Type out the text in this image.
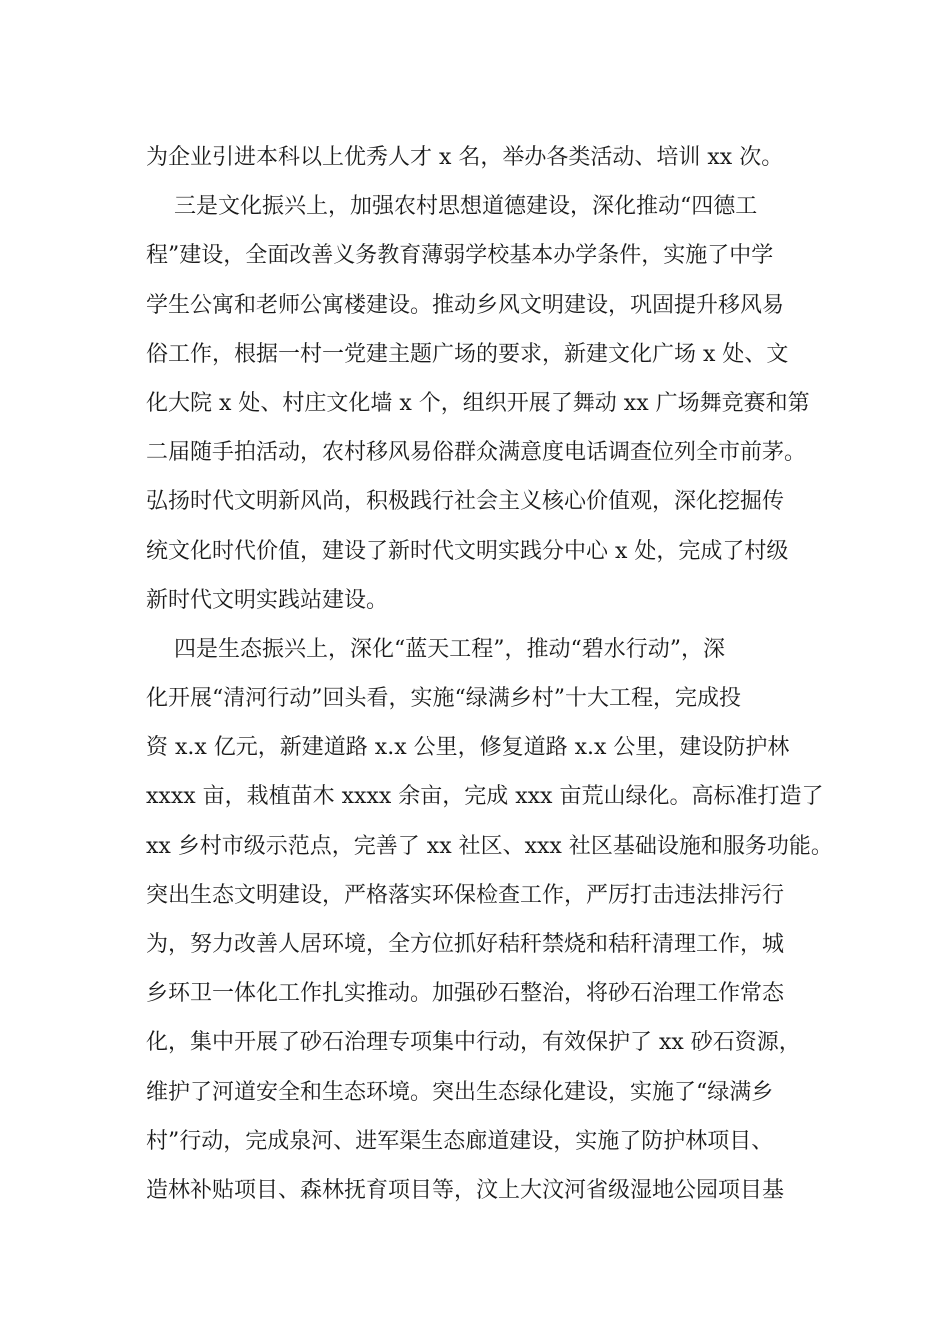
为企业引进本科以上优秀人才 x 名，举办各类活动、培训 xx 次。
三是文化振兴上，加强农村思想道德建设，深化推动“四德工
程”建设，全面改善义务教育薄弱学校基本办学条件，实施了中学
学生公寓和老师公寓楼建设。推动乡风文明建设，巩固提升移风易
俗工作，根据一村一党建主题广场的要求，新建文化广场 x 处、文
化大院 x 处、村庄文化墙 x 个，组织开展了舞动 xx 广场舞竞赛和第
二届随手拍活动，农村移风易俗群众满意度电话调查位列全市前茅。
弘扬时代文明新风尚，积极践行社会主义核心价值观，深化挖掘传
统文化时代价值，建设了新时代文明实践分中心 x 处，完成了村级
新时代文明实践站建设。
四是生态振兴上，深化“蓝天工程”，推动“碧水行动”，深
化开展“清河行动”回头看，实施“绿满乡村”十大工程，完成投
资 x.x 亿元，新建道路 x.x 公里，修复道路 x.x 公里，建设防护林
xxxx 亩，栽植苗木 xxxx 余亩，完成 xxx 亩荒山绿化。高标准打造了
xx 乡村市级示范点，完善了 xx 社区、xxx 社区基础设施和服务功能。
突出生态文明建设，严格落实环保检查工作，严厉打击违法排污行
为，努力改善人居环境，全方位抓好秸秆禁烧和秸秆清理工作，城
乡环卫一体化工作扎实推动。加强砂石整治，将砂石治理工作常态
化，集中开展了砂石治理专项集中行动，有效保护了 xx 砂石资源，
维护了河道安全和生态环境。突出生态绿化建设，实施了“绿满乡
村”行动，完成泉河、进军渠生态廊道建设，实施了防护林项目、
造林补贴项目、森林抚育项目等，汶上大汶河省级湿地公园项目基
